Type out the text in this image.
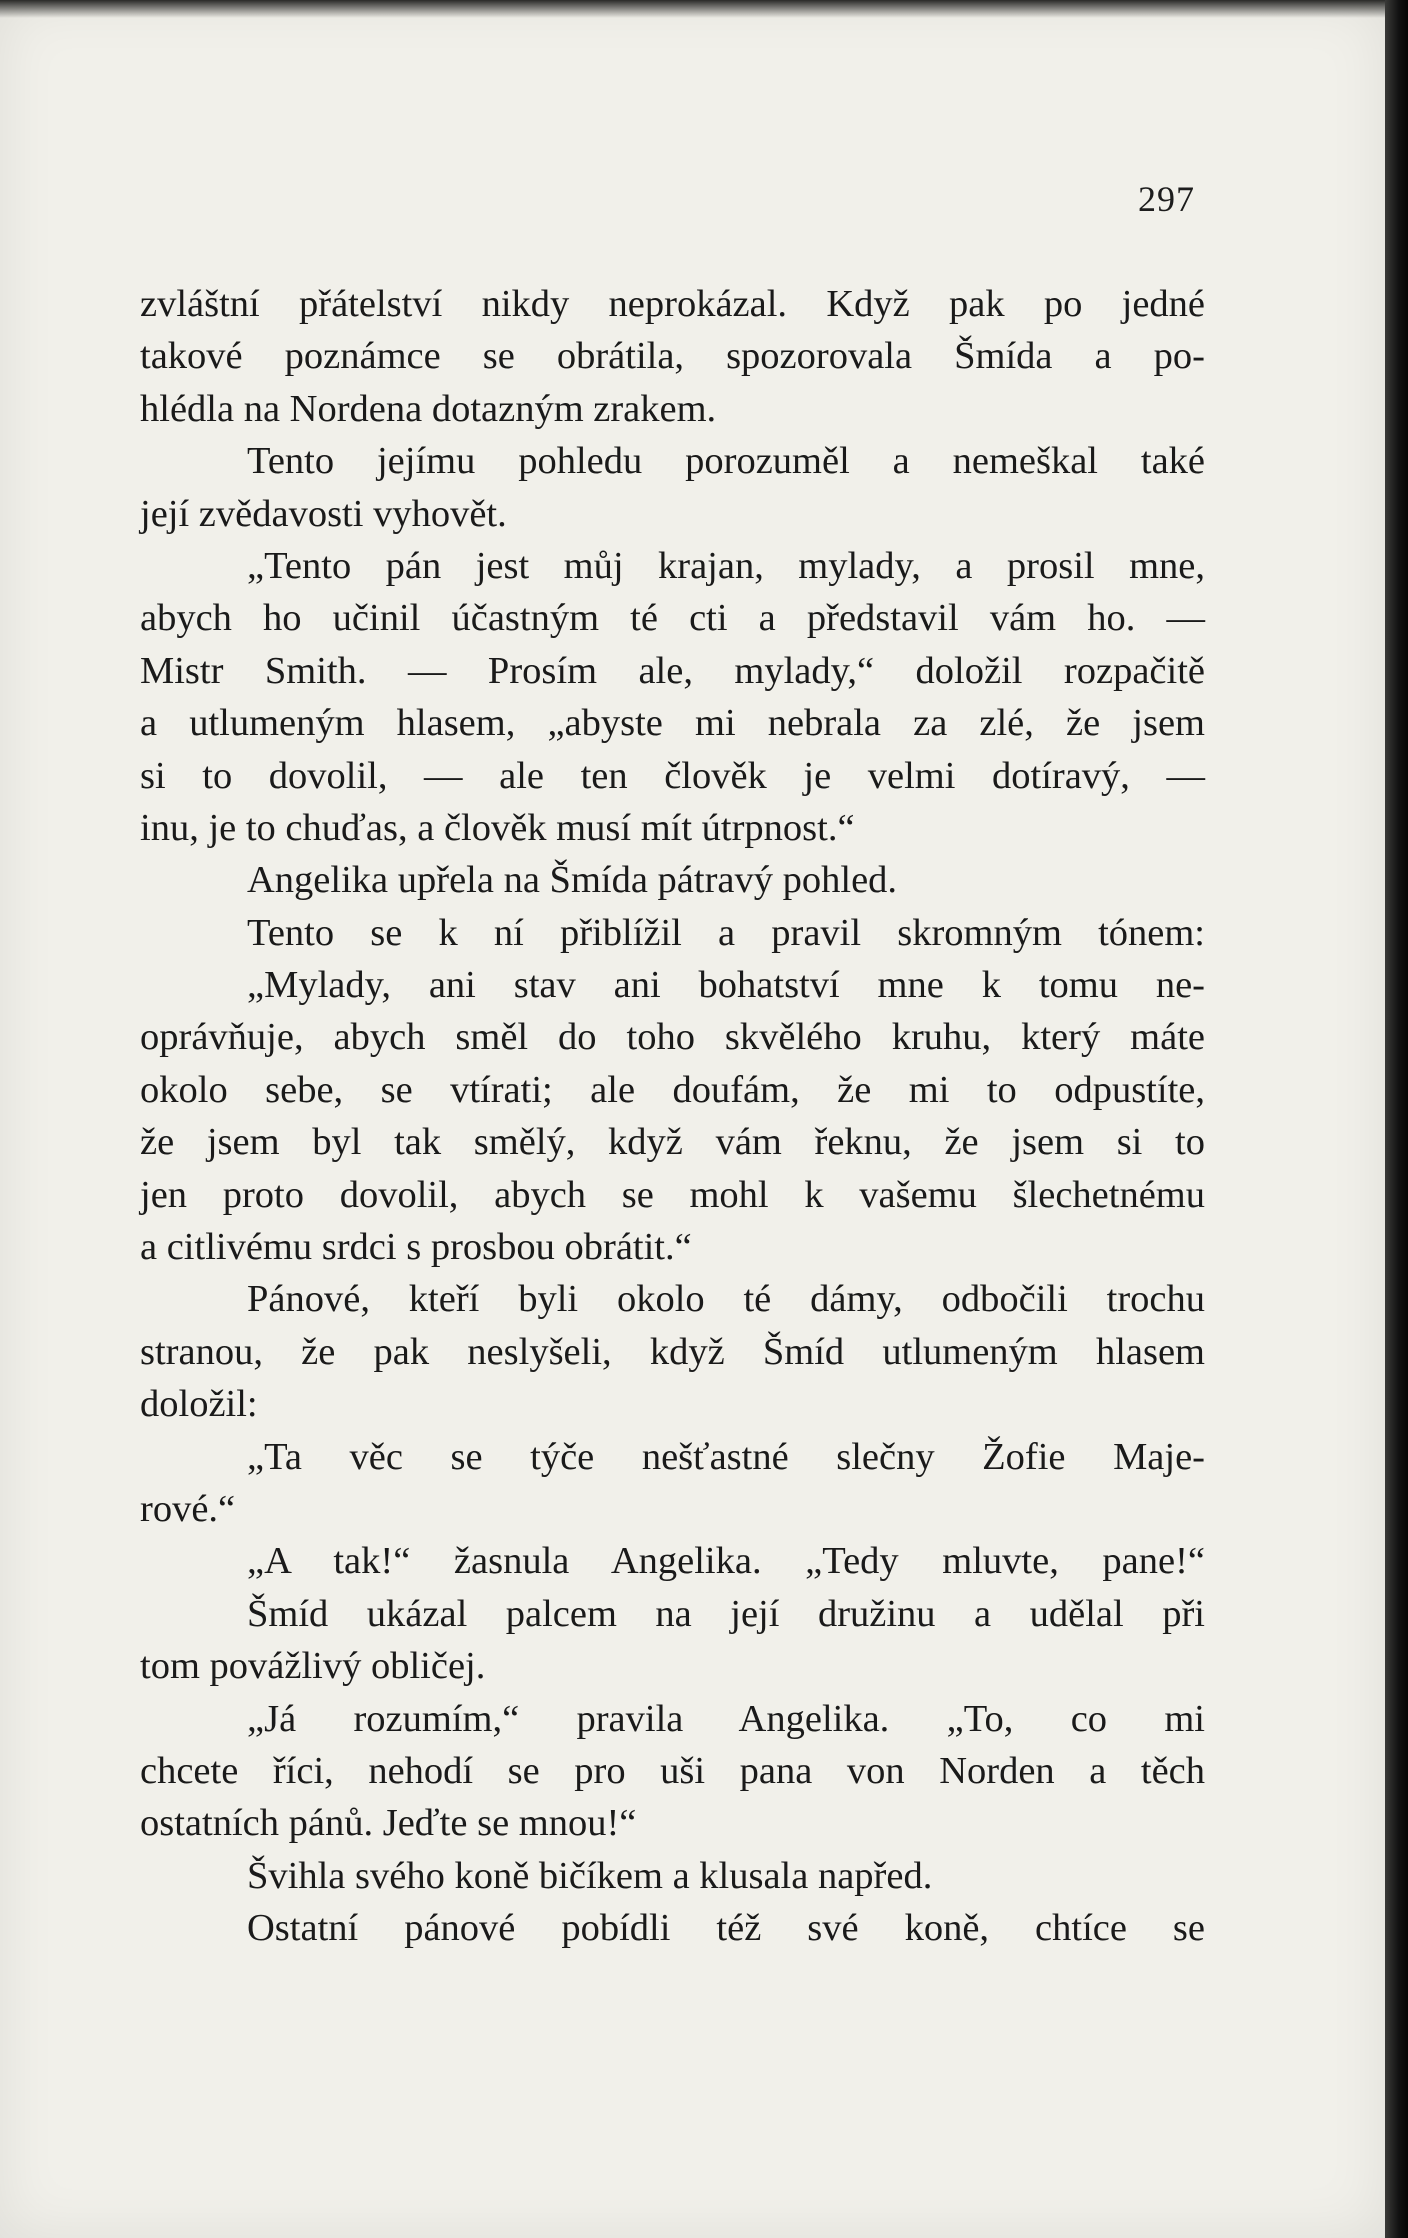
297
zvláštní přátelství nikdy neprokázal. Když pak po jedné
takové poznámce se obrátila, spozorovala Šmída a po-
hlédla na Nordena dotazným zrakem.
Tento jejímu pohledu porozuměl a nemeškal také
její zvědavosti vyhovět.
„Tento pán jest můj krajan, mylady, a prosil mne,
abych ho učinil účastným té cti a představil vám ho. —
Mistr Smith. — Prosím ale, mylady,“ doložil rozpačitě
a utlumeným hlasem, „abyste mi nebrala za zlé, že jsem
si to dovolil, — ale ten člověk je velmi dotíravý, —
inu, je to chuďas, a člověk musí mít útrpnost.“
Angelika upřela na Šmída pátravý pohled.
Tento se k ní přiblížil a pravil skromným tónem:
„Mylady, ani stav ani bohatství mne k tomu ne-
oprávňuje, abych směl do toho skvělého kruhu, který máte
okolo sebe, se vtírati; ale doufám, že mi to odpustíte,
že jsem byl tak smělý, když vám řeknu, že jsem si to
jen proto dovolil, abych se mohl k vašemu šlechetnému
a citlivému srdci s prosbou obrátit.“
Pánové, kteří byli okolo té dámy, odbočili trochu
stranou, že pak neslyšeli, když Šmíd utlumeným hlasem
doložil:
„Ta věc se týče nešťastné slečny Žofie Maje-
rové.“
„A tak!“ žasnula Angelika. „Tedy mluvte, pane!“
Šmíd ukázal palcem na její družinu a udělal při
tom povážlivý obličej.
„Já rozumím,“ pravila Angelika. „To, co mi
chcete říci, nehodí se pro uši pana von Norden a těch
ostatních pánů. Jeďte se mnou!“
Švihla svého koně bičíkem a klusala napřed.
Ostatní pánové pobídli též své koně, chtíce se
